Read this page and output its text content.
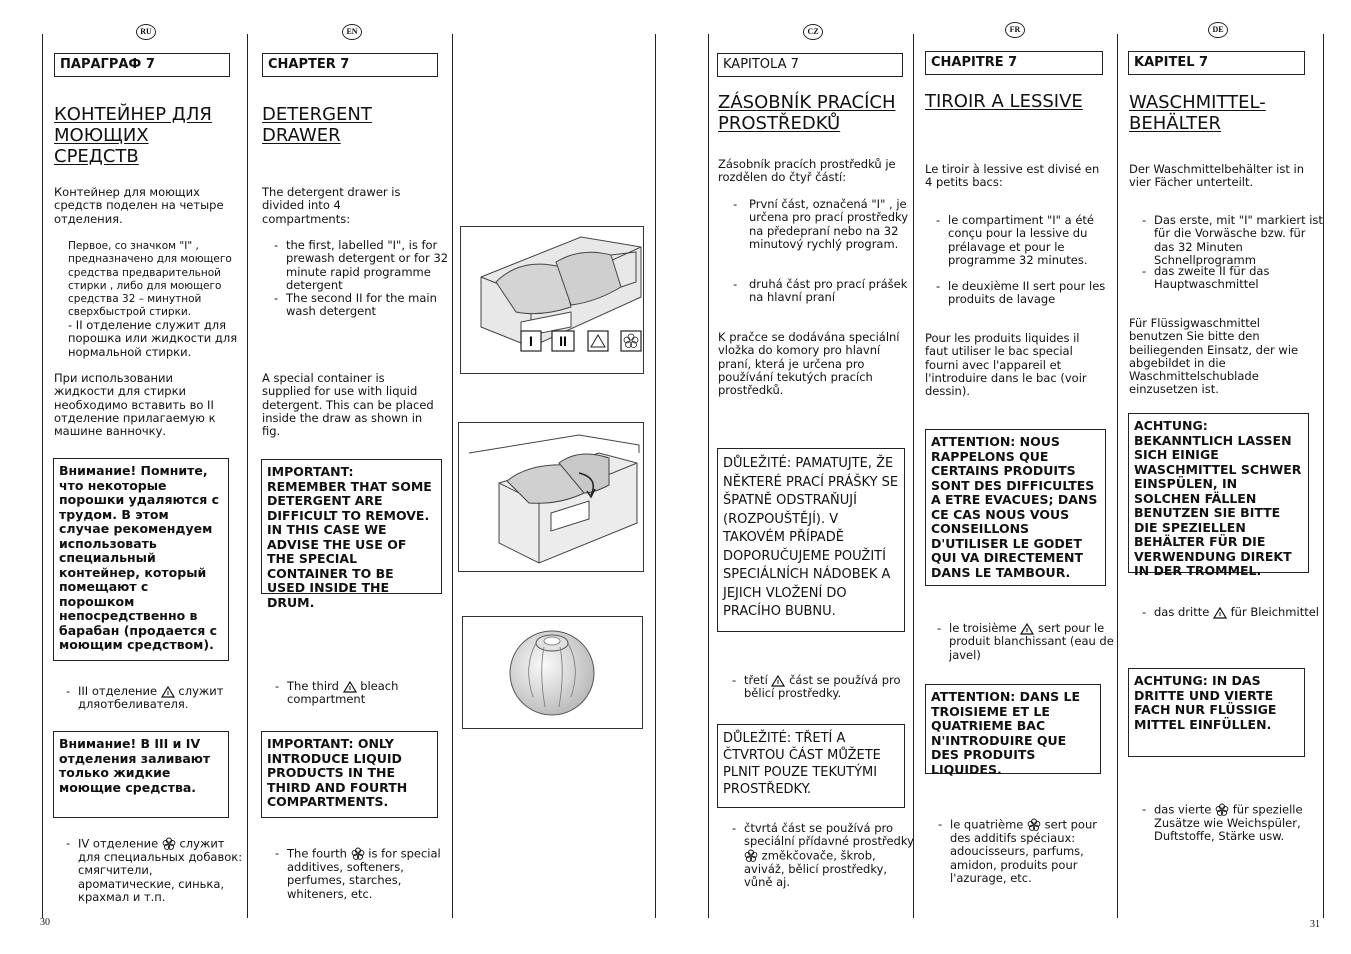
RU	EN	CZ	FR	DE
ПАРАГРАФ 7
КОНТЕЙНЕР ДЛЯ МОЮЩИХ СРЕДСТВ

Контейнер для моющих средств поделен на четыре отделения.

Первое, со значком "I" , предназначено для моющего средства предварительной стирки , либо для моющего средства 32 – минутной сверхбыстрой стирки.

- II отделение служит для порошка или жидкости для нормальной стирки.

При использовании жидкости для стирки необходимо вставить во II отделение прилагаемую к машине ванночку.

Внимание! Помните, что некоторые порошки удаляются с трудом. В этом случае рекомендуем использовать специальный контейнер, который помещают с порошком непосредственно в барабан (продается с моющим средством).
- III отделение служит дляотбеливателя.
Внимание! В III и IV отделения заливают только жидкие моющие средства.
- IV отделение служит для специальных добавок: смягчители, ароматические, синька, крахмал и т.п.
CHAPTER 7
DETERGENT DRAWER

The detergent drawer is divided into 4 compartments:

- the first, labelled "I", is for prewash detergent or for 32 minute rapid programme detergent
- The second II for the main wash detergent

A special container is supplied for use with liquid detergent. This can be placed inside the draw as shown in fig.

IMPORTANT: REMEMBER THAT SOME DETERGENT ARE DIFFICULT TO REMOVE. IN THIS CASE WE ADVISE THE USE OF THE SPECIAL CONTAINER TO BE USED INSIDE THE DRUM.
- The third bleach compartment
IMPORTANT: ONLY INTRODUCE LIQUID PRODUCTS IN THE THIRD AND FOURTH COMPARTMENTS.
- The fourth is for special additives, softeners, perfumes, starches, whiteners, etc.
I II
KAPITOLA 7
ZÁSOBNÍK PRACÍCH PROSTŘEDKŮ

Zásobník pracích prostředků je rozdělen do čtyř částí:

- První část, označená "I" , je určena pro prací prostředky na předepraní nebo na 32 minutový rychlý program.
- druhá část pro prací prášek na hlavní praní

K pračce se dodávána speciální vložka do komory pro hlavní praní, která je určena pro používání tekutých pracích prostředků.

DŮLEŽITÉ: PAMATUJTE, ŽE NĚKTERÉ PRACÍ PRÁŠKY SE ŠPATNĚ ODSTRAŇUJÍ (ROZPOUŠTĚJÍ). V TAKOVÉM PŘÍPADĚ DOPORUČUJEME POUŽITÍ SPECIÁLNÍCH NÁDOBEK A JEJICH VLOŽENÍ DO PRACÍHO BUBNU.
- třetí část se používá pro bělicí prostředky.
DŮLEŽITÉ: TŘETÍ A ČTVRTOU ČÁST MŮŽETE PLNIT POUZE TEKUTÝMI PROSTŘEDKY.
- čtvrtá část se používá pro speciální přídavné prostředky  změkčovače, škrob, aviváž, bělicí prostředky, vůně aj.
CHAPITRE 7
TIROIR A LESSIVE

Le tiroir à lessive est divisé en 4 petits bacs:

- le compartiment "I" a été conçu pour la lessive du prélavage et pour le programme 32 minutes.
- le deuxième II sert pour les produits de lavage

Pour les produits liquides il faut utiliser le bac special fourni avec l'appareil et l'introduire dans le bac (voir dessin).

ATTENTION: NOUS RAPPELONS QUE CERTAINS PRODUITS SONT DES DIFFICULTES A ETRE EVACUES; DANS CE CAS NOUS VOUS CONSEILLONS D'UTILISER LE GODET QUI VA DIRECTEMENT DANS LE TAMBOUR.
- le troisième sert pour le produit blanchissant (eau de javel)
ATTENTION: DANS LE TROISIEME ET LE QUATRIEME BAC N'INTRODUIRE QUE DES PRODUITS LIQUIDES.
- le quatrième sert pour des additifs spéciaux: adoucisseurs, parfums, amidon, produits pour l'azurage, etc.
KAPITEL 7
WASCHMITTEL-BEHÄLTER

Der Waschmittelbehälter ist in vier Fächer unterteilt.

- Das erste, mit "I" markiert ist für die Vorwäsche bzw. für das 32 Minuten Schnellprogramm
- das zweite II für das Hauptwaschmittel

Für Flüssigwaschmittel benutzen Sie bitte den beiliegenden Einsatz, der wie abgebildet in die Waschmittelschublade einzusetzen ist.

ACHTUNG: BEKANNTLICH LASSEN SICH EINIGE WASCHMITTEL SCHWER EINSPÜLEN, IN SOLCHEN FÄLLEN BENUTZEN SIE BITTE DIE SPEZIELLEN BEHÄLTER FÜR DIE VERWENDUNG DIREKT IN DER TROMMEL.
- das dritte für Bleichmittel
ACHTUNG: IN DAS DRITTE UND VIERTE FACH NUR FLÜSSIGE MITTEL EINFÜLLEN.
- das vierte für spezielle Zusätze wie Weichspüler, Duftstoffe, Stärke usw.
30	31
